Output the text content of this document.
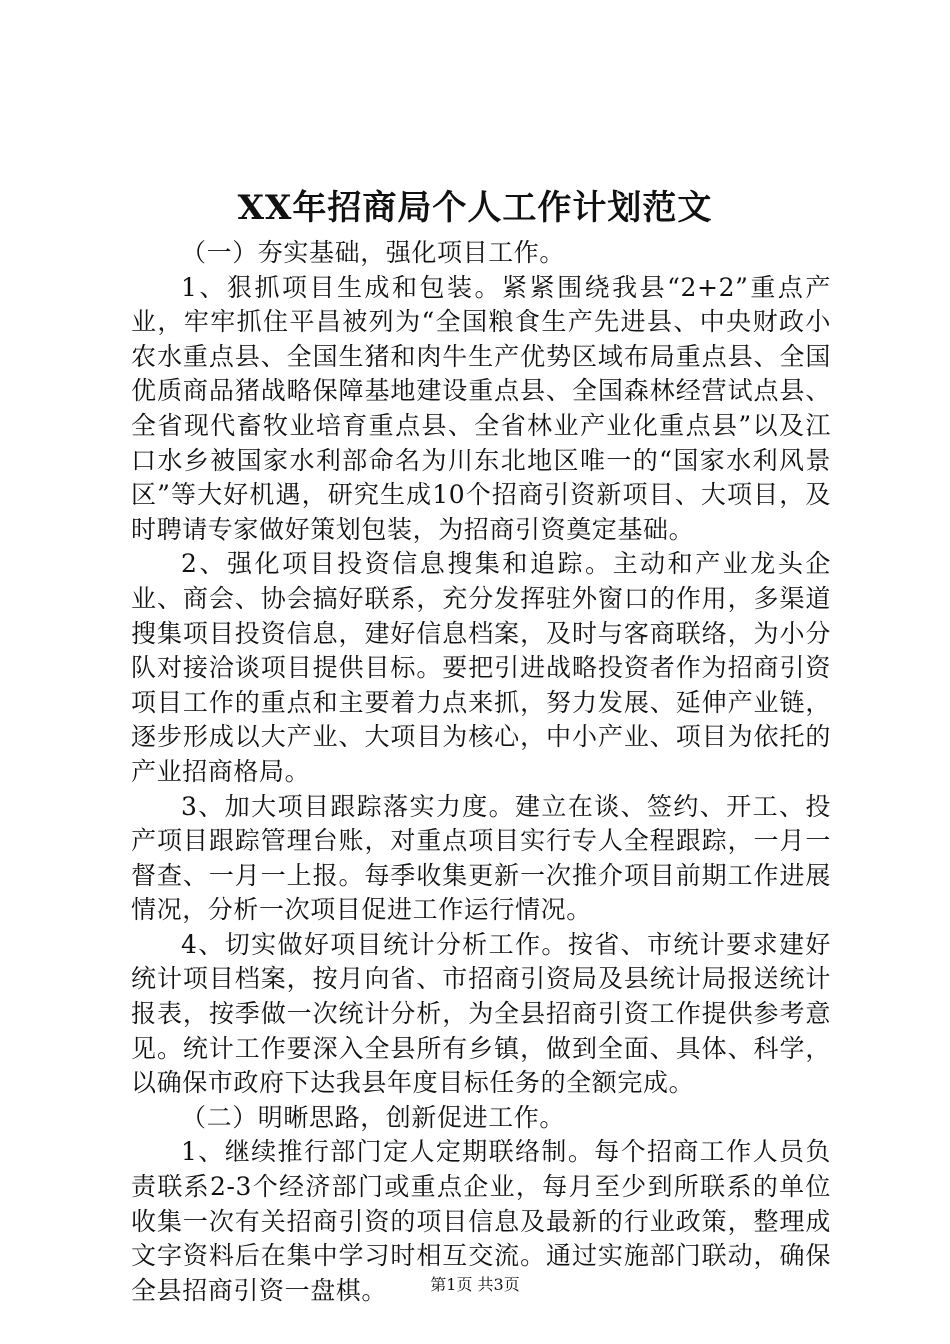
XX年招商局个人工作计划范文

（一）夯实基础，强化项目工作。

1、狠抓项目生成和包装。紧紧围绕我县“2+2”重点产业，牢牢抓住平昌被列为“全国粮食生产先进县、中央财政小农水重点县、全国生猪和肉牛生产优势区域布局重点县、全国优质商品猪战略保障基地建设重点县、全国森林经营试点县、全省现代畜牧业培育重点县、全省林业产业化重点县”以及江口水乡被国家水利部命名为川东北地区唯一的“国家水利风景区”等大好机遇，研究生成10个招商引资新项目、大项目，及时聘请专家做好策划包装，为招商引资奠定基础。

2、强化项目投资信息搜集和追踪。主动和产业龙头企业、商会、协会搞好联系，充分发挥驻外窗口的作用，多渠道搜集项目投资信息，建好信息档案，及时与客商联络，为小分队对接洽谈项目提供目标。要把引进战略投资者作为招商引资项目工作的重点和主要着力点来抓，努力发展、延伸产业链，逐步形成以大产业、大项目为核心，中小产业、项目为依托的产业招商格局。

3、加大项目跟踪落实力度。建立在谈、签约、开工、投产项目跟踪管理台账，对重点项目实行专人全程跟踪，一月一督查、一月一上报。每季收集更新一次推介项目前期工作进展情况，分析一次项目促进工作运行情况。

4、切实做好项目统计分析工作。按省、市统计要求建好统计项目档案，按月向省、市招商引资局及县统计局报送统计报表，按季做一次统计分析，为全县招商引资工作提供参考意见。统计工作要深入全县所有乡镇，做到全面、具体、科学，以确保市政府下达我县年度目标任务的全额完成。

（二）明晰思路，创新促进工作。

1、继续推行部门定人定期联络制。每个招商工作人员负责联系2-3个经济部门或重点企业，每月至少到所联系的单位收集一次有关招商引资的项目信息及最新的行业政策，整理成文字资料后在集中学习时相互交流。通过实施部门联动，确保全县招商引资一盘棋。	第1页 共3页
